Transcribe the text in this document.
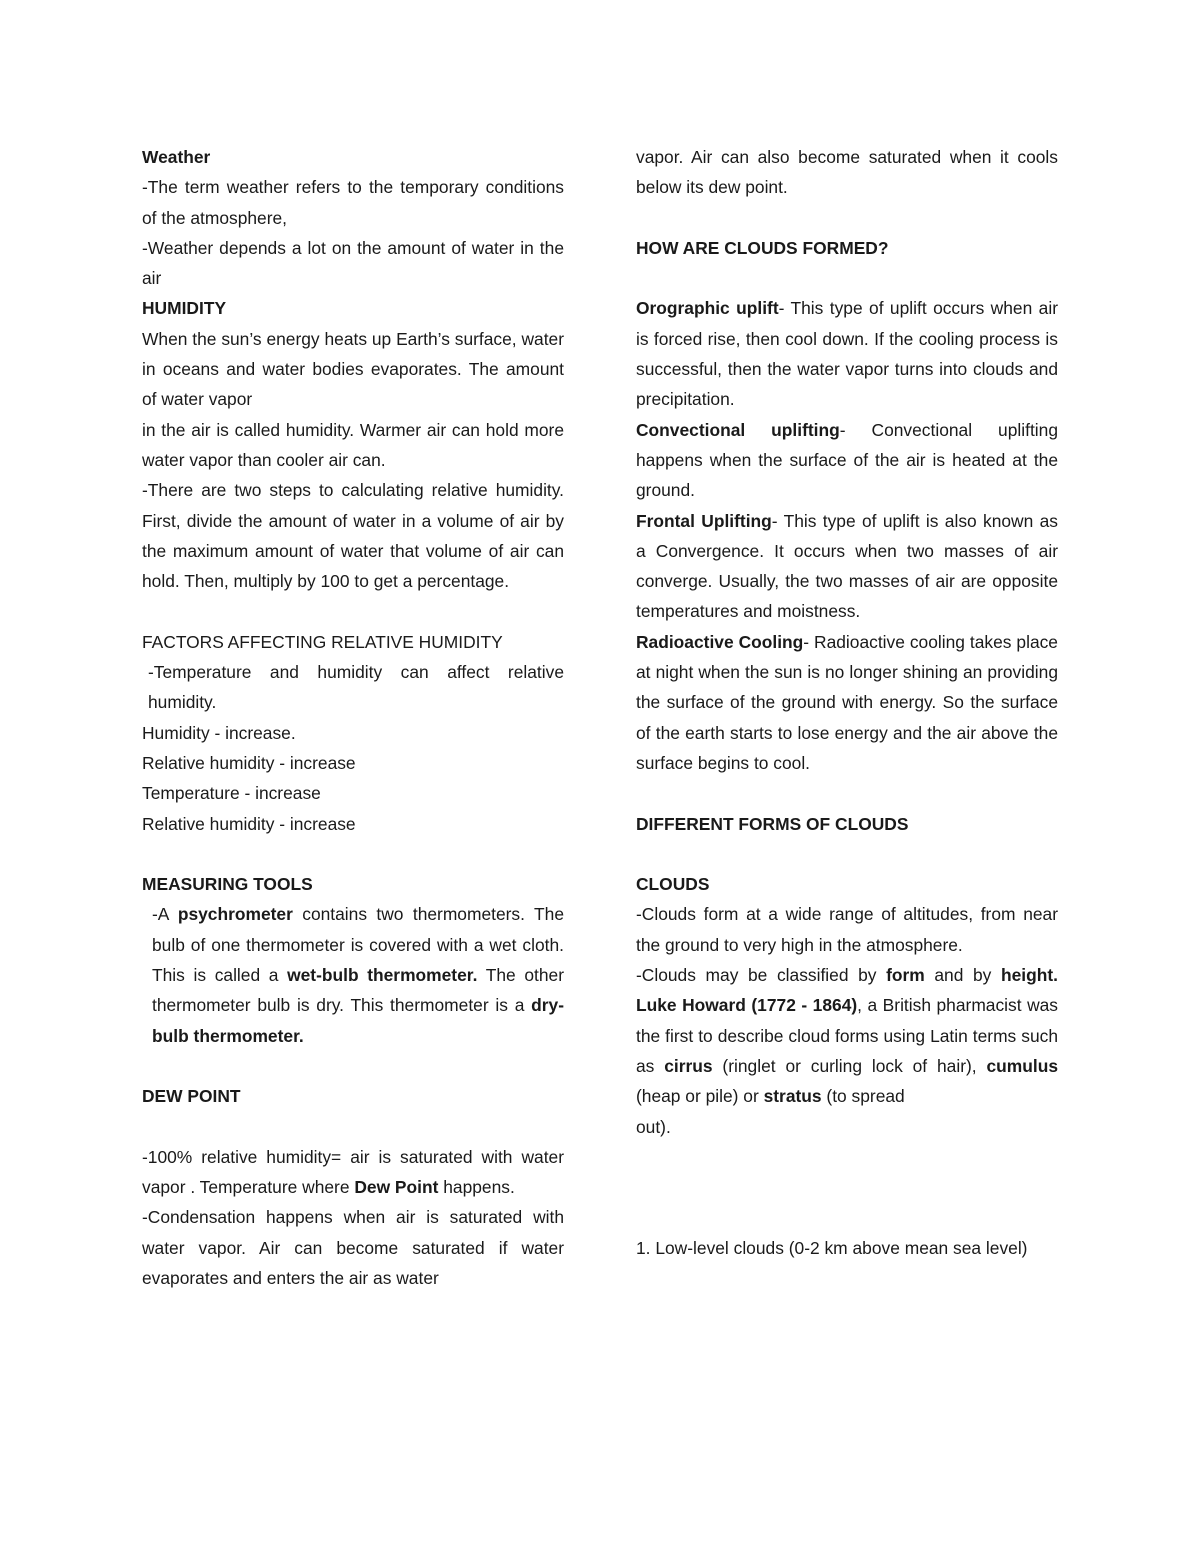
Weather

-The term weather refers to the temporary conditions of the atmosphere,

-Weather depends a lot on the amount of water in the air

HUMIDITY

When the sun’s energy heats up Earth’s surface, water in oceans and water bodies evaporates. The amount of water vapor

in the air is called humidity. Warmer air can hold more water vapor than cooler air can.

-There are two steps to calculating relative humidity. First, divide the amount of water in a volume of air by the maximum amount of water that volume of air can hold. Then, multiply by 100 to get a percentage.

FACTORS AFFECTING RELATIVE HUMIDITY

-Temperature and humidity can affect relative humidity.

Humidity - increase.

Relative humidity - increase

Temperature - increase

Relative humidity - increase

MEASURING TOOLS

-A psychrometer contains two thermometers. The bulb of one thermometer is covered with a wet cloth. This is called a wet-bulb thermometer. The other thermometer bulb is dry. This thermometer is a dry-bulb thermometer.

DEW POINT

-100% relative humidity= air is saturated with water vapor . Temperature where Dew Point happens.

-Condensation happens when air is saturated with water vapor. Air can become saturated if water evaporates and enters the air as water

vapor. Air can also become saturated when it cools below its dew point.

HOW ARE CLOUDS FORMED?

Orographic uplift- This type of uplift occurs when air is forced rise, then cool down. If the cooling process is successful, then the water vapor turns into clouds and precipitation.

Convectional uplifting- Convectional uplifting happens when the surface of the air is heated at the ground.

Frontal Uplifting- This type of uplift is also known as a Convergence. It occurs when two masses of air converge. Usually, the two masses of air are opposite temperatures and moistness.

Radioactive Cooling- Radioactive cooling takes place at night when the sun is no longer shining an providing the surface of the ground with energy. So the surface of the earth starts to lose energy and the air above the surface begins to cool.

DIFFERENT FORMS OF CLOUDS

CLOUDS

-Clouds form at a wide range of altitudes, from near the ground to very high in the atmosphere.

-Clouds may be classified by form and by height. Luke Howard (1772 - 1864), a British pharmacist was the first to describe cloud forms using Latin terms such as cirrus (ringlet or curling lock of hair), cumulus (heap or pile) or stratus (to spread

out).

1. Low-level clouds (0-2 km above mean sea level)
